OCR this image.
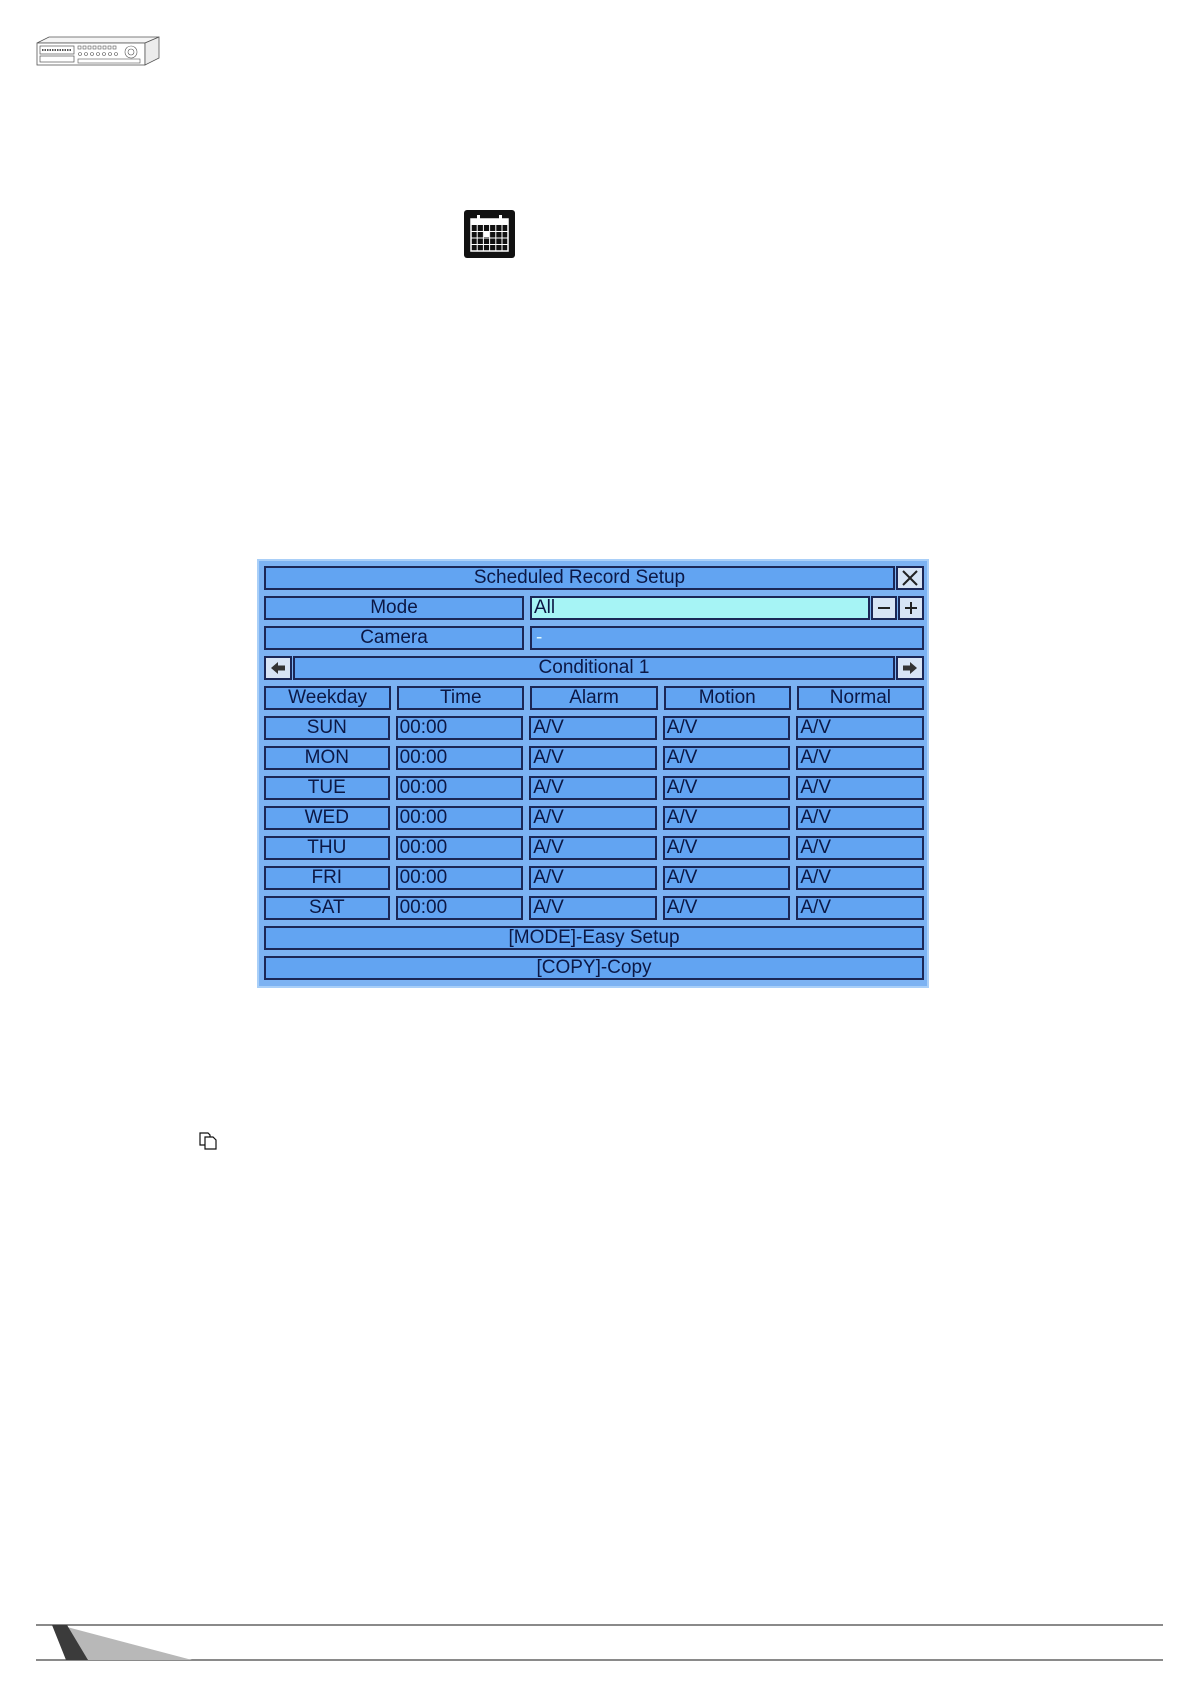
Scheduled Record Setup
Mode	All
Camera	-
Conditional 1
Weekday	Time	Alarm	Motion	Normal
SUN	00:00	A/V	A/V	A/V
MON	00:00	A/V	A/V	A/V
TUE	00:00	A/V	A/V	A/V
WED	00:00	A/V	A/V	A/V
THU	00:00	A/V	A/V	A/V
FRI	00:00	A/V	A/V	A/V
SAT	00:00	A/V	A/V	A/V
[MODE]-Easy Setup
[COPY]-Copy
